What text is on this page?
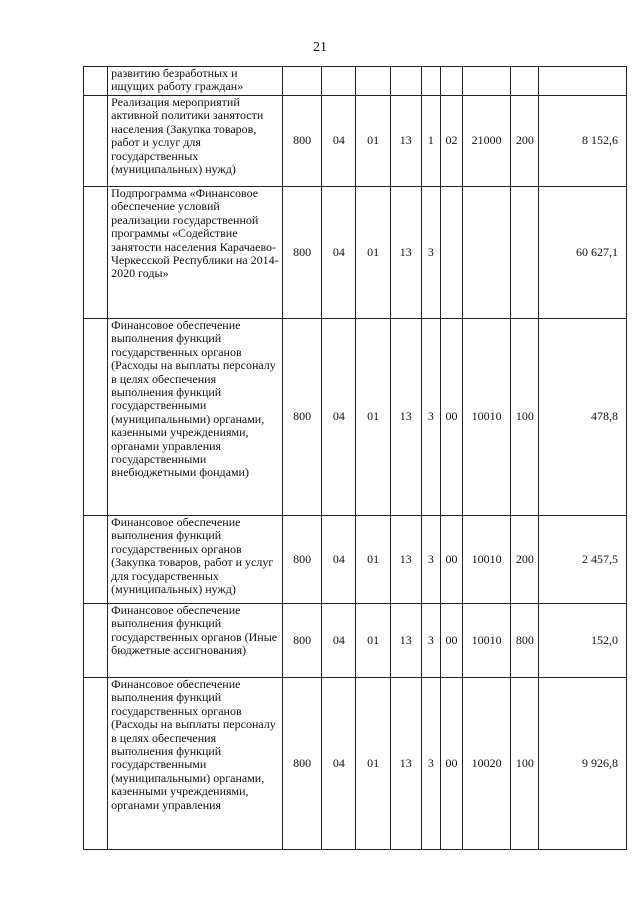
21
	развитию безработных и ищущих работу граждан»									
	Реализация мероприятий активной политики занятости населения (Закупка товаров, работ и услуг для государственных (муниципальных) нужд)	800	04	01	13	1	02	21000	200	8 152,6
	Подпрограмма «Финансовое обеспечение условий реализации государственной программы «Содействие занятости населения Карачаево-Черкесской Республики на 2014-2020 годы»	800	04	01	13	3				60 627,1
	Финансовое обеспечение выполнения функций государственных органов (Расходы на выплаты персоналу в целях обеспечения выполнения функций государственными (муниципальными) органами, казенными учреждениями, органами управления государственными внебюджетными фондами)	800	04	01	13	3	00	10010	100	478,8
	Финансовое обеспечение выполнения функций государственных органов (Закупка товаров, работ и услуг для государственных (муниципальных) нужд)	800	04	01	13	3	00	10010	200	2 457,5
	Финансовое обеспечение выполнения функций государственных органов (Иные бюджетные ассигнования)	800	04	01	13	3	00	10010	800	152,0
	Финансовое обеспечение выполнения функций государственных органов (Расходы на выплаты персоналу в целях обеспечения выполнения функций государственными (муниципальными) органами, казенными учреждениями, органами управления	800	04	01	13	3	00	10020	100	9 926,8
